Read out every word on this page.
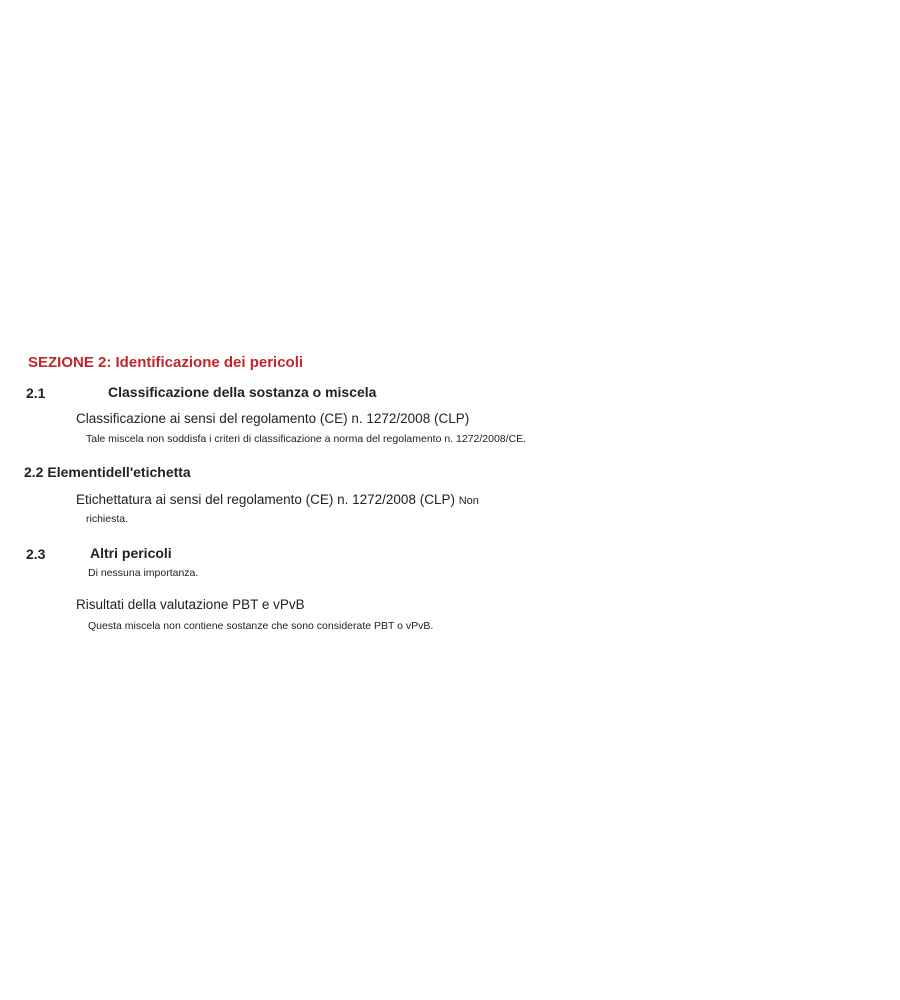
SEZIONE 2: Identificazione dei pericoli
2.1	Classificazione della sostanza o miscela
Classificazione ai sensi del regolamento (CE) n. 1272/2008 (CLP)
Tale miscela non soddisfa i criteri di classificazione a norma del regolamento n. 1272/2008/CE.
2.2 Elementidell'etichetta
Etichettatura ai sensi del regolamento (CE) n. 1272/2008 (CLP) Non
richiesta.
2.3	Altri pericoli
Di nessuna importanza.
Risultati della valutazione PBT e vPvB
Questa miscela non contiene sostanze che sono considerate PBT o vPvB.
